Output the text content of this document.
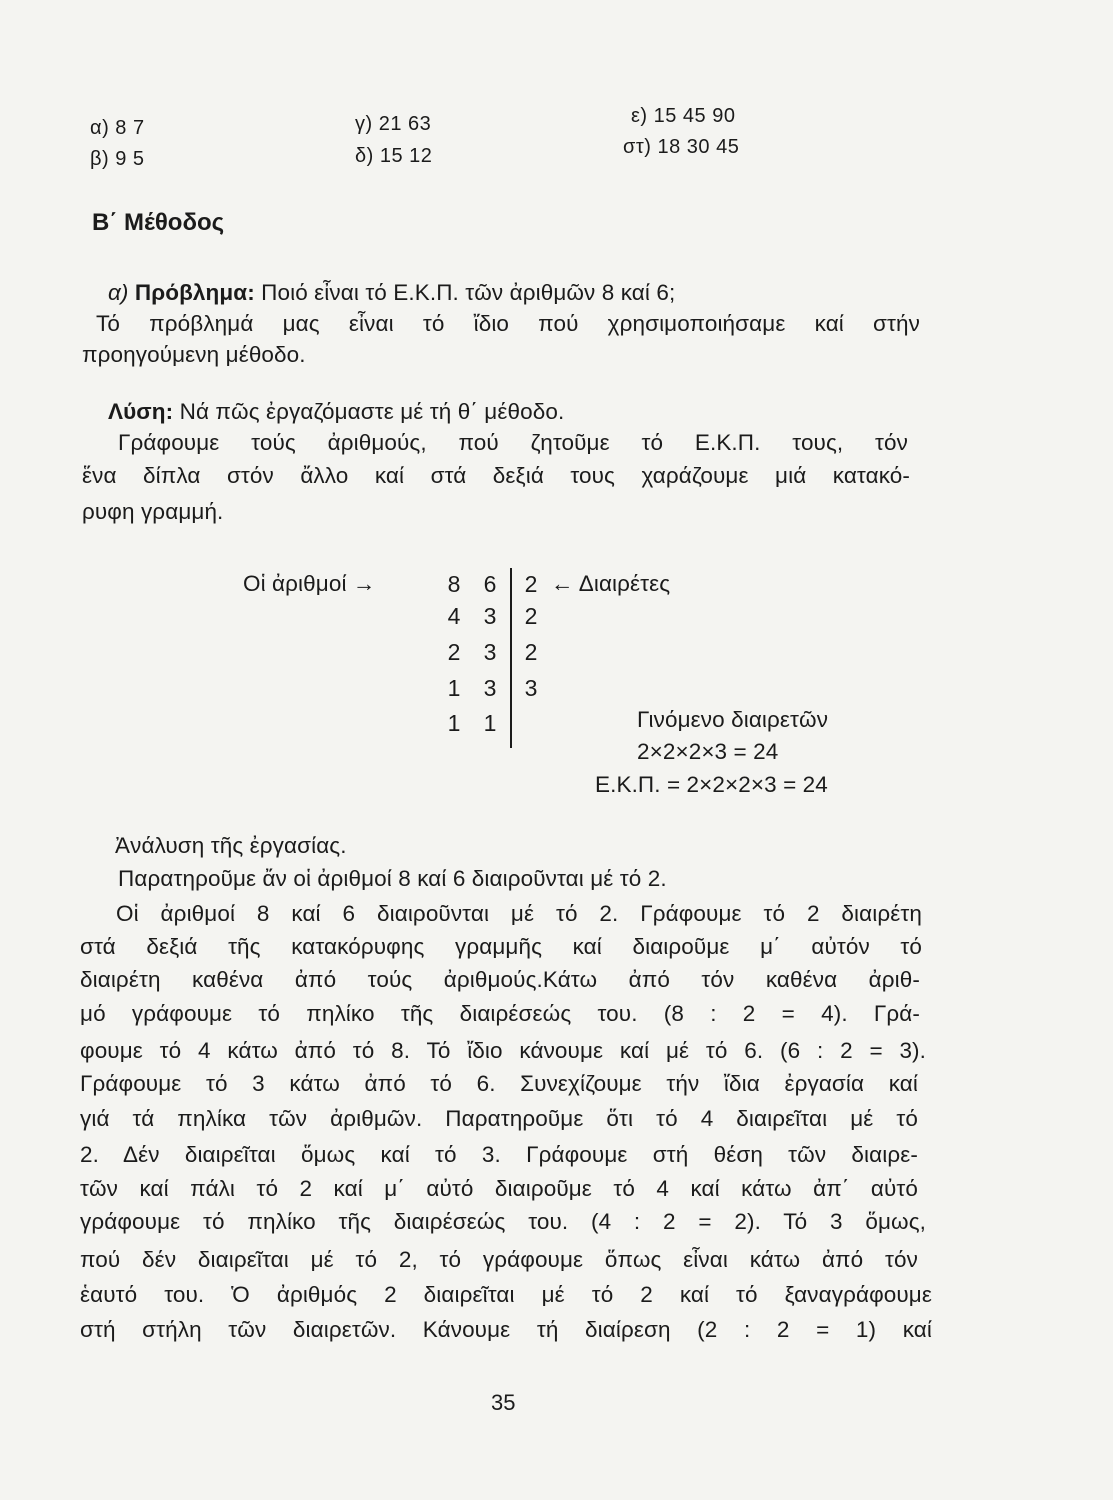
α) 8 7
β) 9 5
γ) 21 63
δ) 15 12
ε) 15 45 90
στ) 18 30 45
Β΄ Μέθοδος
α) Πρόβλημα: Ποιό εἶναι τό Ε.Κ.Π. τῶν ἀριθμῶν 8 καί 6;
Τό πρόβλημά μας εἶναι τό ἴδιο πού χρησιμοποιήσαμε καί στήν
προηγούμενη μέθοδο.
Λύση: Νά πῶς ἐργαζόμαστε μέ τή θ΄ μέθοδο.
Γράφουμε τούς ἀριθμούς, πού ζητοῦμε τό Ε.Κ.Π. τους, τόν
ἕνα δίπλα στόν ἄλλο καί στά δεξιά τους χαράζουμε μιά κατακό-
ρυφη γραμμή.
Οἱ ἀριθμοί →	← Διαιρέτες
8 6 2
4 3 2
2 3 2
1 3 3
1 1	Γινόμενο διαιρετῶν
2×2×2×3 = 24
Ε.Κ.Π. = 2×2×2×3 = 24
Ἀνάλυση τῆς ἐργασίας.
Παρατηροῦμε ἄν οἱ ἀριθμοί 8 καί 6 διαιροῦνται μέ τό 2.
Οἱ ἀριθμοί 8 καί 6 διαιροῦνται μέ τό 2. Γράφουμε τό 2 διαιρέτη
στά δεξιά τῆς κατακόρυφης γραμμῆς καί διαιροῦμε μ΄ αὐτόν τό
διαιρέτη καθένα ἀπό τούς ἀριθμούς.Κάτω ἀπό τόν καθένα ἀριθ-
μό γράφουμε τό πηλίκο τῆς διαιρέσεώς του. (8 : 2 = 4). Γρά-
φουμε τό 4 κάτω ἀπό τό 8. Τό ἴδιο κάνουμε καί μέ τό 6. (6 : 2 = 3).
Γράφουμε τό 3 κάτω ἀπό τό 6. Συνεχίζουμε τήν ἴδια ἐργασία καί
γιά τά πηλίκα τῶν ἀριθμῶν. Παρατηροῦμε ὅτι τό 4 διαιρεῖται μέ τό
2. Δέν διαιρεῖται ὅμως καί τό 3. Γράφουμε στή θέση τῶν διαιρε-
τῶν καί πάλι τό 2 καί μ΄ αὐτό διαιροῦμε τό 4 καί κάτω ἀπ΄ αὐτό
γράφουμε τό πηλίκο τῆς διαιρέσεώς του. (4 : 2 = 2). Τό 3 ὅμως,
πού δέν διαιρεῖται μέ τό 2, τό γράφουμε ὅπως εἶναι κάτω ἀπό τόν
ἑαυτό του. Ὁ ἀριθμός 2 διαιρεῖται μέ τό 2 καί τό ξαναγράφουμε
στή στήλη τῶν διαιρετῶν. Κάνουμε τή διαίρεση (2 : 2 = 1) καί
35
